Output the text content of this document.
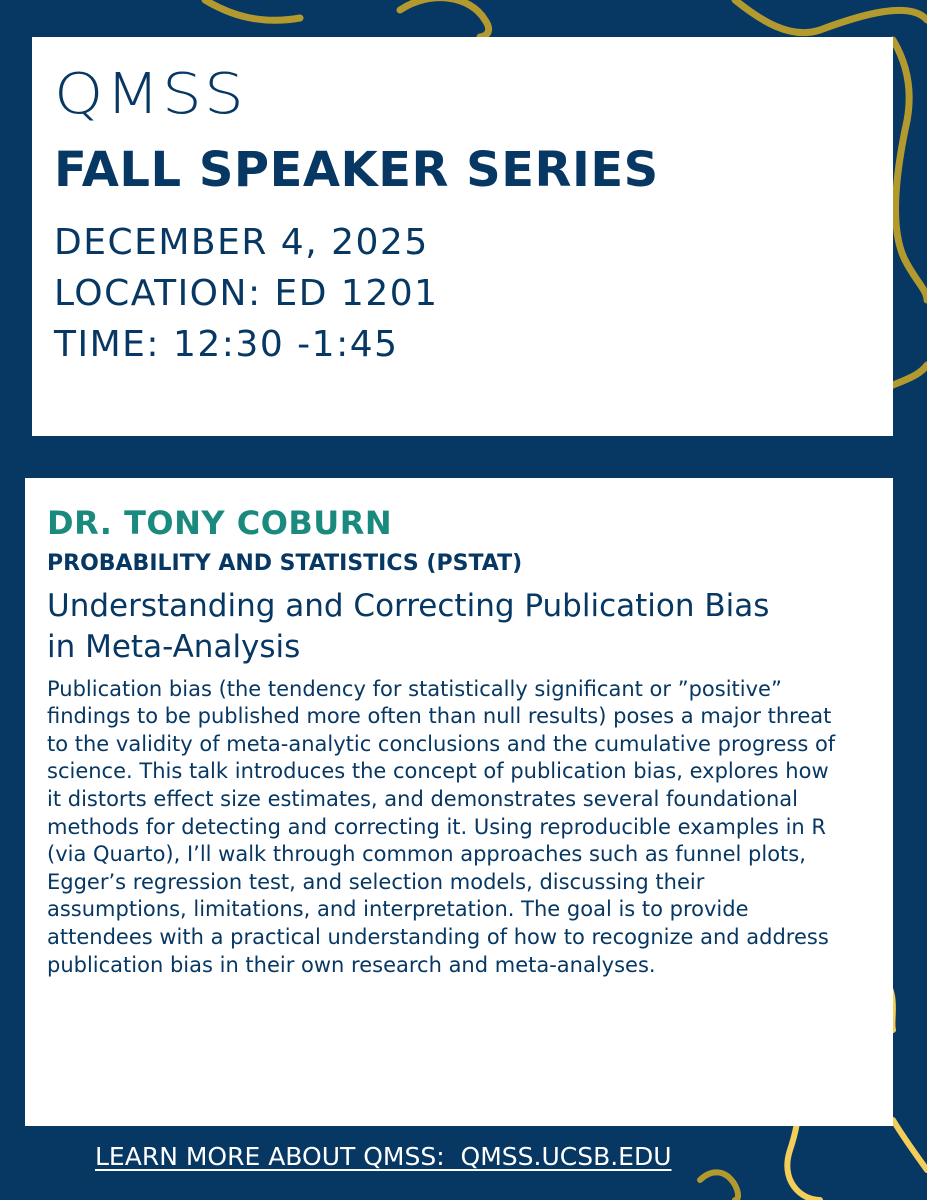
QMSS
FALL SPEAKER SERIES
DECEMBER 4, 2025
LOCATION: ED 1201
TIME: 12:30 -1:45
DR. TONY COBURN
PROBABILITY AND STATISTICS (PSTAT)
Understanding and Correcting Publication Bias in Meta-Analysis
Publication bias (the tendency for statistically significant or ”positive” findings to be published more often than null results) poses a major threat to the validity of meta-analytic conclusions and the cumulative progress of science. This talk introduces the concept of publication bias, explores how it distorts effect size estimates, and demonstrates several foundational methods for detecting and correcting it. Using reproducible examples in R (via Quarto), I’ll walk through common approaches such as funnel plots, Egger’s regression test, and selection models, discussing their assumptions, limitations, and interpretation. The goal is to provide attendees with a practical understanding of how to recognize and address publication bias in their own research and meta-analyses.
LEARN MORE ABOUT QMSS:  QMSS.UCSB.EDU
